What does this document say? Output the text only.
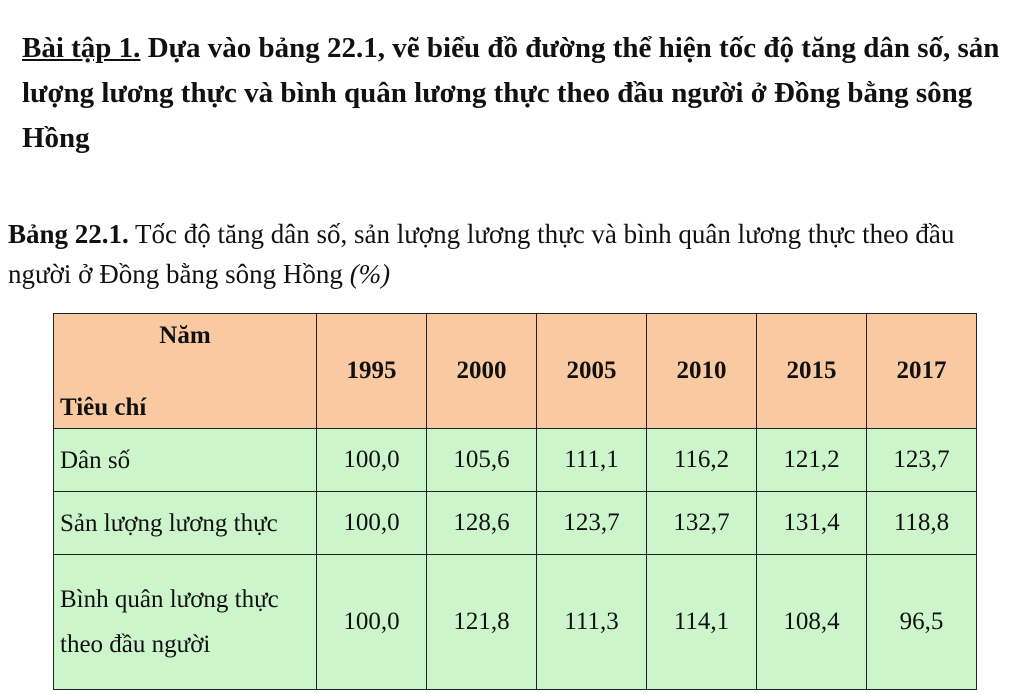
Bài tập 1. Dựa vào bảng 22.1, vẽ biểu đồ đường thể hiện tốc độ tăng dân số, sản lượng lương thực và bình quân lương thực theo đầu người ở Đồng bằng sông Hồng
Bảng 22.1. Tốc độ tăng dân số, sản lượng lương thực và bình quân lương thực theo đầu người ở Đồng bằng sông Hồng (%)
Năm
Tiêu chí	1995	2000	2005	2010	2015	2017
Dân số	100,0	105,6	111,1	116,2	121,2	123,7
Sản lượng lương thực	100,0	128,6	123,7	132,7	131,4	118,8
Bình quân lương thực theo đầu người	100,0	121,8	111,3	114,1	108,4	96,5
